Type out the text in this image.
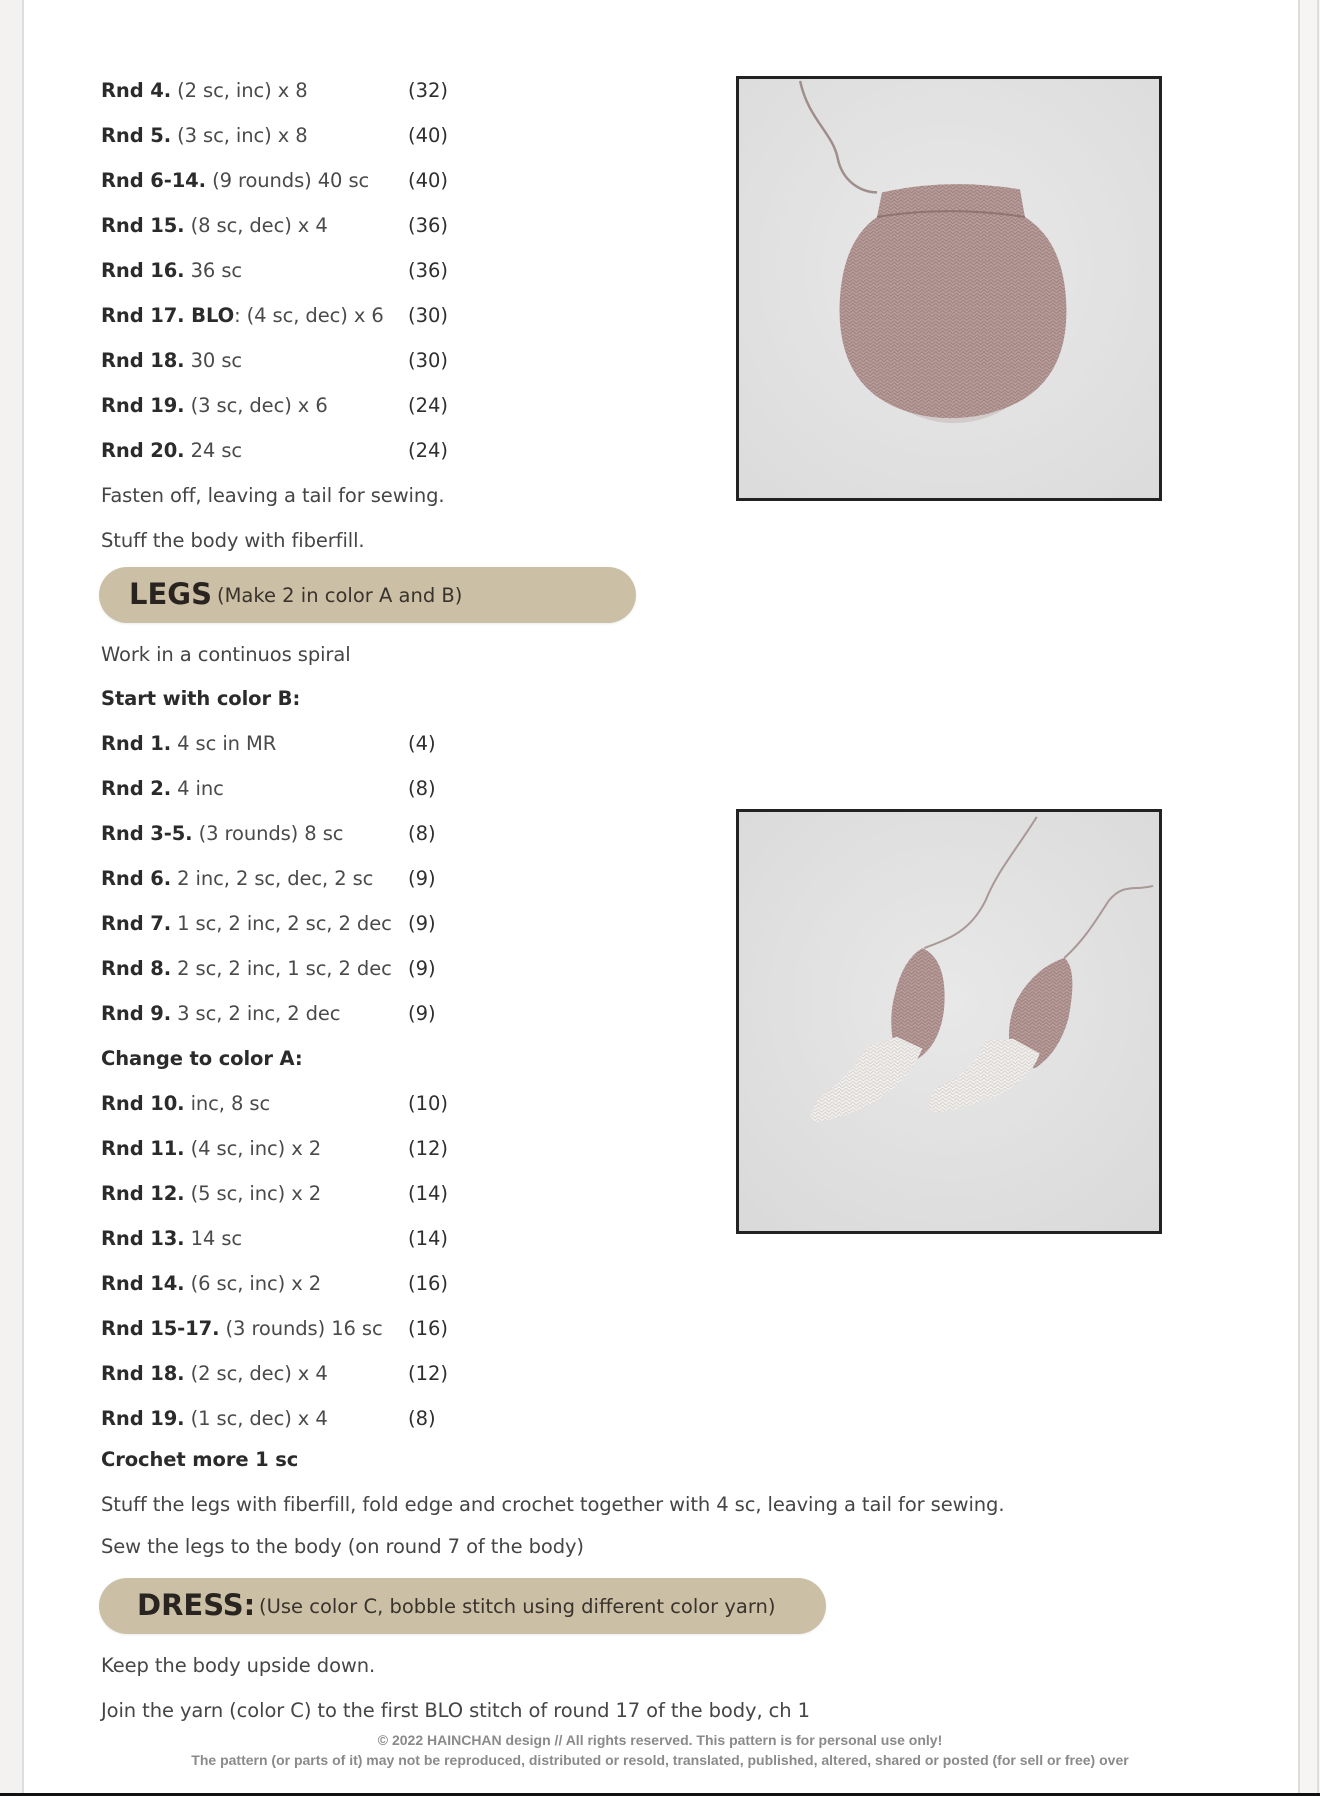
Rnd 4. (2 sc, inc) x 8	(32)
Rnd 5. (3 sc, inc) x 8	(40)
Rnd 6-14. (9 rounds) 40 sc (40)
Rnd 15. (8 sc, dec) x 4	(36)
Rnd 16. 36 sc	(36)
Rnd 17. BLO: (4 sc, dec) x 6 (30)
Rnd 18. 30 sc	(30)
Rnd 19. (3 sc, dec) x 6	(24)
Rnd 20. 24 sc	(24)
Fasten off, leaving a tail for sewing.
Stuff the body with fiberfill.
LEGS (Make 2 in color A and B)
Work in a continuos spiral
Start with color B:
Rnd 1. 4 sc in MR	(4)
Rnd 2. 4 inc	(8)
Rnd 3-5. (3 rounds) 8 sc	(8)
Rnd 6. 2 inc, 2 sc, dec, 2 sc (9)
Rnd 7. 1 sc, 2 inc, 2 sc, 2 dec (9)
Rnd 8. 2 sc, 2 inc, 1 sc, 2 dec (9)
Rnd 9. 3 sc, 2 inc, 2 dec	(9)
Change to color A:
Rnd 10. inc, 8 sc	(10)
Rnd 11. (4 sc, inc) x 2	(12)
Rnd 12. (5 sc, inc) x 2	(14)
Rnd 13. 14 sc	(14)
Rnd 14. (6 sc, inc) x 2	(16)
Rnd 15-17. (3 rounds) 16 sc (16)
Rnd 18. (2 sc, dec) x 4	(12)
Rnd 19. (1 sc, dec) x 4	(8)
Crochet more 1 sc
Stuff the legs with fiberfill, fold edge and crochet together with 4 sc, leaving a tail for sewing.
Sew the legs to the body (on round 7 of the body)
DRESS: (Use color C, bobble stitch using different color yarn)
Keep the body upside down.
Join the yarn (color C) to the first BLO stitch of round 17 of the body, ch 1
© 2022 HAINCHAN design // All rights reserved. This pattern is for personal use only!
The pattern (or parts of it) may not be reproduced, distributed or resold, translated, published, altered, shared or posted (for sell or free) over
